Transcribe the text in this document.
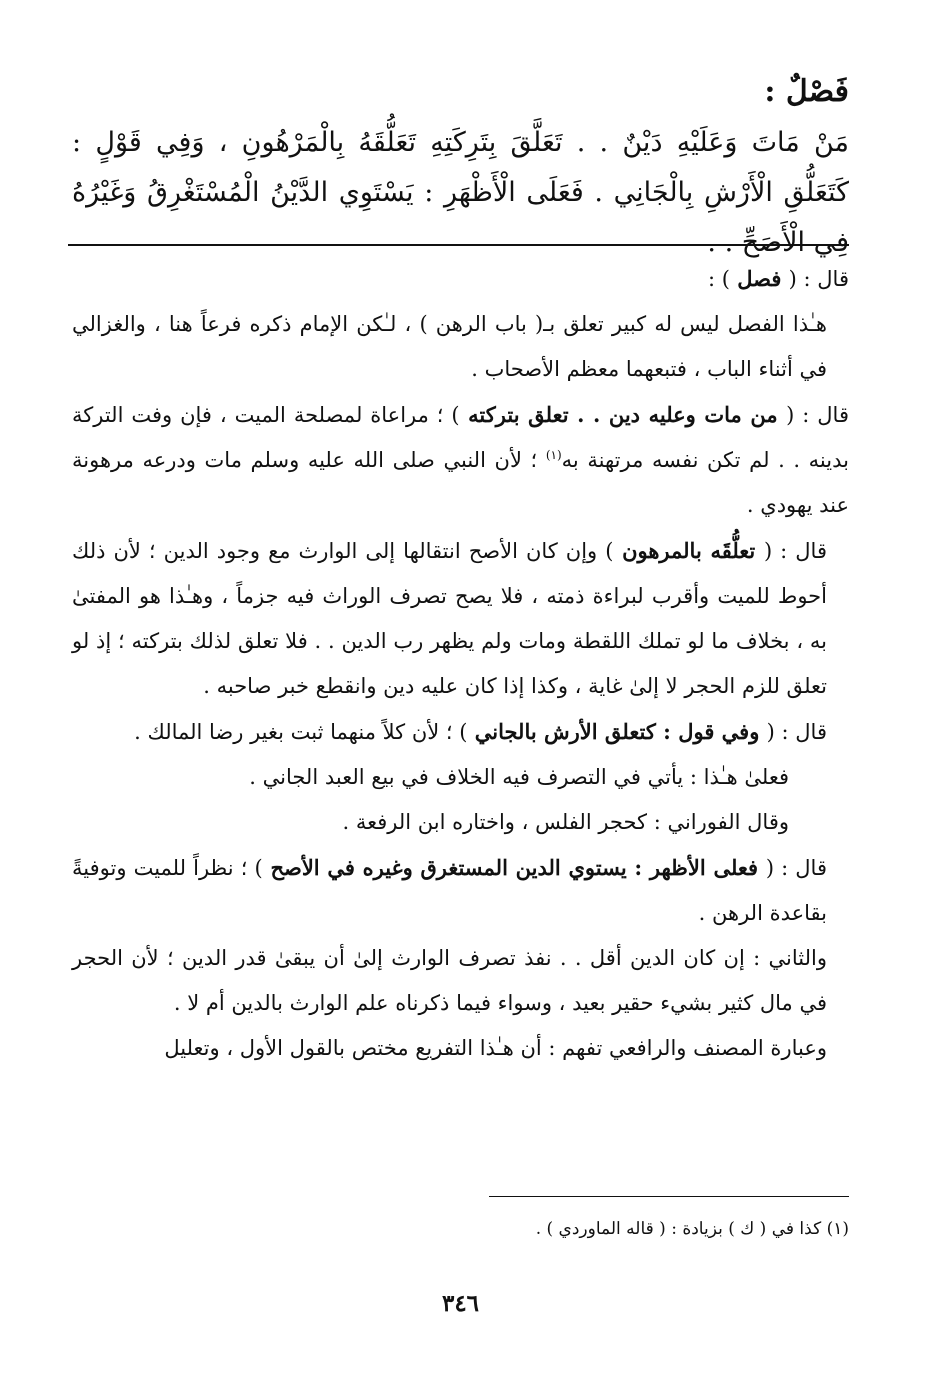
فَصْلٌ :
مَنْ مَاتَ وَعَلَيْهِ دَيْنٌ . . تَعَلَّقَ بِتَرِكَتِهِ تَعَلُّقَهُ بِالْمَرْهُونِ ، وَفِي قَوْلٍ : كَتَعَلُّقِ الْأَرْشِ بِالْجَانِي . فَعَلَى الْأَظْهَرِ : يَسْتَوِي الدَّيْنُ الْمُسْتَغْرِقُ وَغَيْرُهُ فِي الْأَصَحِّ . .

قال : ( فصل ) :

هـٰذا الفصل ليس له كبير تعلق بـ( باب الرهن ) ، لـٰكن الإمام ذكره فرعاً هنا ، والغزالي في أثناء الباب ، فتبعهما معظم الأصحاب .

قال : ( من مات وعليه دين . . تعلق بتركته ) ؛ مراعاة لمصلحة الميت ، فإن وفت التركة بدينه . . لم تكن نفسه مرتهنة به$^{(١)}$ ؛ لأن النبي صلى الله عليه وسلم مات ودرعه مرهونة عند يهودي .

قال : ( تعلُّقَه بالمرهون ) وإن كان الأصح انتقالها إلى الوارث مع وجود الدين ؛ لأن ذلك أحوط للميت وأقرب لبراءة ذمته ، فلا يصح تصرف الوراث فيه جزماً ، وهـٰذا هو المفتىٰ به ، بخلاف ما لو تملك اللقطة ومات ولم يظهر رب الدين . . فلا تعلق لذلك بتركته ؛ إذ لو تعلق للزم الحجر لا إلىٰ غاية ، وكذا إذا كان عليه دين وانقطع خبر صاحبه .

قال : ( وفي قول : كتعلق الأرش بالجاني ) ؛ لأن كلاً منهما ثبت بغير رضا المالك .

فعلىٰ هـٰذا : يأتي في التصرف فيه الخلاف في بيع العبد الجاني .

وقال الفوراني : كحجر الفلس ، واختاره ابن الرفعة .

قال : ( فعلى الأظهر : يستوي الدين المستغرق وغيره في الأصح ) ؛ نظراً للميت وتوفيةً بقاعدة الرهن .

والثاني : إن كان الدين أقل . . نفذ تصرف الوارث إلىٰ أن يبقىٰ قدر الدين ؛ لأن الحجر في مال كثير بشيء حقير بعيد ، وسواء فيما ذكرناه علم الوارث بالدين أم لا .

وعبارة المصنف والرافعي تفهم : أن هـٰذا التفريع مختص بالقول الأول ، وتعليل

(١) كذا في ( ك ) بزيادة : ( قاله الماوردي ) .
٣٤٦
